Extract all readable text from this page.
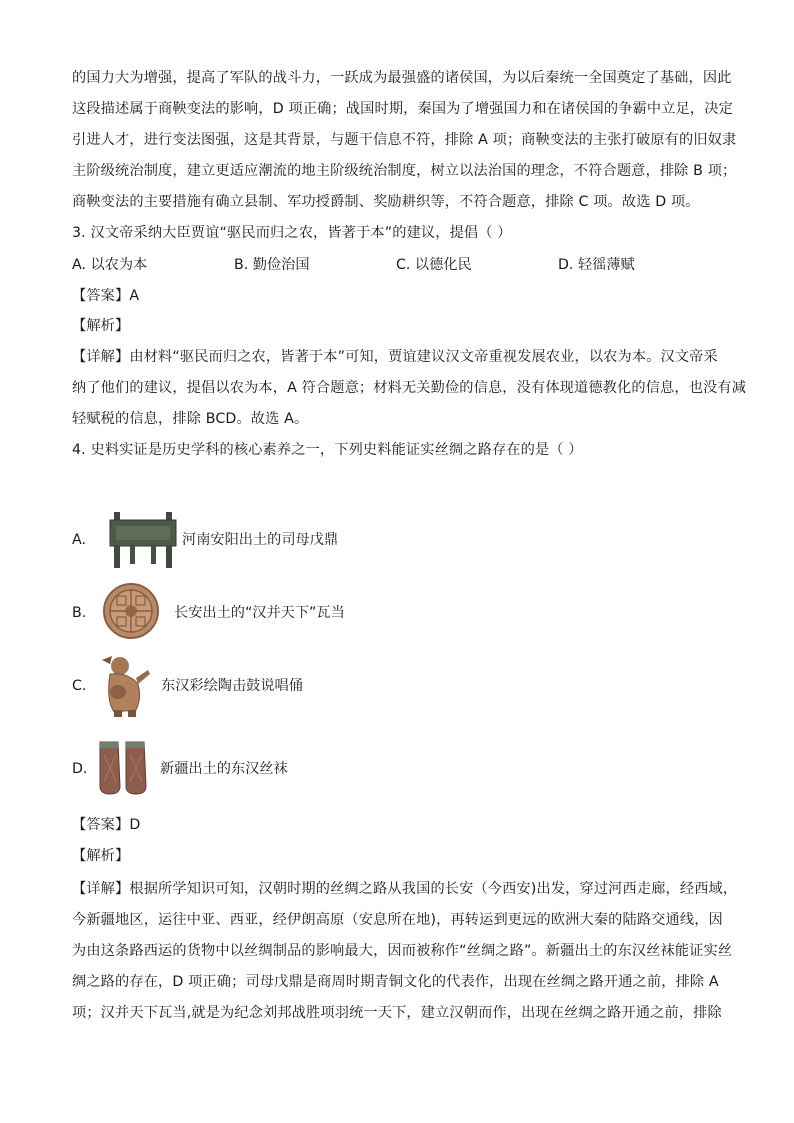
的国力大为增强，提高了军队的战斗力，一跃成为最强盛的诸侯国，为以后秦统一全国奠定了基础，因此
这段描述属于商鞅变法的影响，D 项正确；战国时期，秦国为了增强国力和在诸侯国的争霸中立足，决定
引进人才，进行变法图强，这是其背景，与题干信息不符，排除 A 项；商鞅变法的主张打破原有的旧奴隶
主阶级统治制度，建立更适应潮流的地主阶级统治制度，树立以法治国的理念，不符合题意，排除 B 项；
商鞅变法的主要措施有确立县制、军功授爵制、奖励耕织等，不符合题意，排除 C 项。故选 D 项。
3. 汉文帝采纳大臣贾谊“驱民而归之农，皆著于本”的建议，提倡（ ）
A. 以农为本	B. 勤俭治国	C. 以德化民	D. 轻徭薄赋
【答案】A
【解析】
【详解】由材料“驱民而归之农，皆著于本”可知，贾谊建议汉文帝重视发展农业，以农为本。汉文帝采
纳了他们的建议，提倡以农为本，A 符合题意；材料无关勤俭的信息，没有体现道德教化的信息，也没有减
轻赋税的信息，排除 BCD。故选 A。
4. 史料实证是历史学科的核心素养之一，下列史料能证实丝绸之路存在的是（ ）
A.	河南安阳出土的司母戊鼎
B.	长安出土的“汉并天下”瓦当
C.	东汉彩绘陶击鼓说唱俑
D.	新疆出土的东汉丝袜
【答案】D
【解析】
【详解】根据所学知识可知，汉朝时期的丝绸之路从我国的长安（今西安)出发，穿过河西走廊，经西域，
今新疆地区，运往中亚、西亚，经伊朗高原（安息所在地)，再转运到更远的欧洲大秦的陆路交通线，因
为由这条路西运的货物中以丝绸制品的影响最大，因而被称作“丝绸之路”。新疆出土的东汉丝袜能证实丝
绸之路的存在，D 项正确；司母戊鼎是商周时期青铜文化的代表作，出现在丝绸之路开通之前，排除 A
项；汉并天下瓦当,就是为纪念刘邦战胜项羽统一天下，建立汉朝而作，出现在丝绸之路开通之前，排除
